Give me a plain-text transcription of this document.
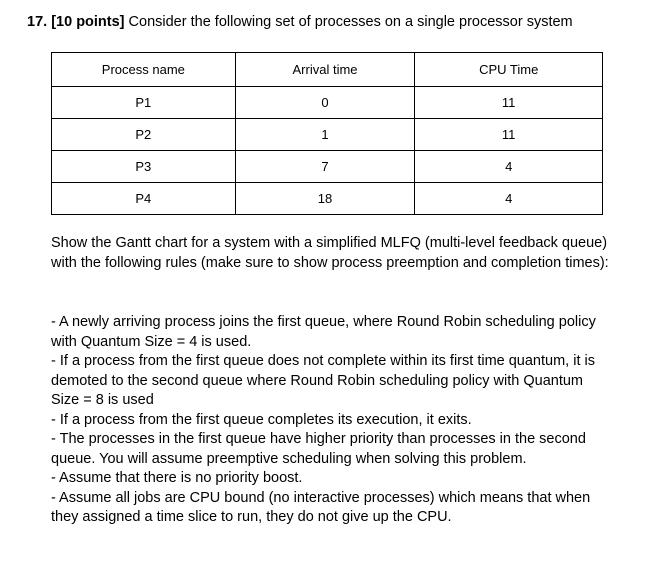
17. [10 points] Consider the following set of processes on a single processor system
Process name	Arrival time	CPU Time
P1	0	11
P2	1	11
P3	7	4
P4	18	4
Show the Gantt chart for a system with a simplified MLFQ (multi-level feedback queue) with the following rules (make sure to show process preemption and completion times):

- A newly arriving process joins the first queue, where Round Robin scheduling policy with Quantum Size = 4 is used.

- If a process from the first queue does not complete within its first time quantum, it is demoted to the second queue where Round Robin scheduling policy with Quantum Size = 8 is used

- If a process from the first queue completes its execution, it exits.

- The processes in the first queue have higher priority than processes in the second queue. You will assume preemptive scheduling when solving this problem.

- Assume that there is no priority boost.

- Assume all jobs are CPU bound (no interactive processes) which means that when they assigned a time slice to run, they do not give up the CPU.
